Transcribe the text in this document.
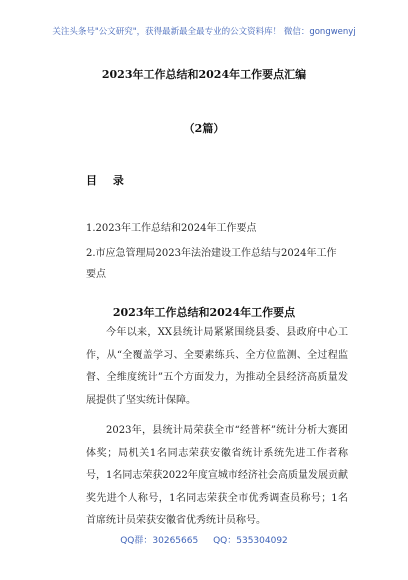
关注头条号"公文研究"，获得最新最全最专业的公文资料库！ 微信：gongwenyj
2023年工作总结和2024年工作要点汇编
（2篇）
目 录
1.2023年工作总结和2024年工作要点
2.市应急管理局2023年法治建设工作总结与2024年工作要点
2023年工作总结和2024年工作要点

今年以来，XX县统计局紧紧围绕县委、县政府中心工作，从“全覆盖学习、全要素练兵、全方位监测、全过程监督、全维度统计”五个方面发力，为推动全县经济高质量发展提供了坚实统计保障。

2023年，县统计局荣获全市“经普杯”统计分析大赛团体奖；局机关1名同志荣获安徽省统计系统先进工作者称号，1名同志荣获2022年度宣城市经济社会高质量发展贡献奖先进个人称号，1名同志荣获全市优秀调查员称号；1名首席统计员荣获安徽省优秀统计员称号。

QQ群：30265665 QQ：535304092
